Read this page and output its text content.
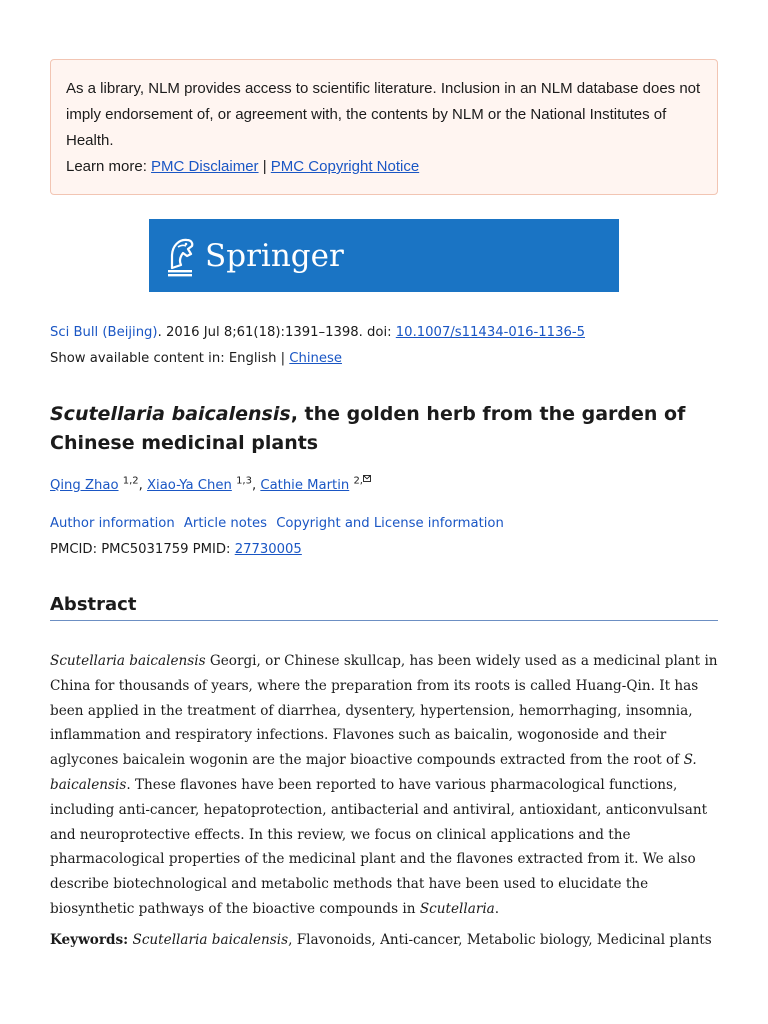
As a library, NLM provides access to scientific literature. Inclusion in an NLM database does not imply endorsement of, or agreement with, the contents by NLM or the National Institutes of Health.
Learn more: PMC Disclaimer | PMC Copyright Notice
Springer
Sci Bull (Beijing). 2016 Jul 8;61(18):1391–1398. doi: 10.1007/s11434-016-1136-5
Show available content in: English | Chinese
Scutellaria baicalensis, the golden herb from the garden of Chinese medicinal plants
Qing Zhao $^{1,2}$, Xiao-Ya Chen $^{1,3}$, Cathie Martin $^{2,}$
Author information Article notes Copyright and License information
PMCID: PMC5031759 PMID: 27730005
Abstract

Scutellaria baicalensis Georgi, or Chinese skullcap, has been widely used as a medicinal plant in China for thousands of years, where the preparation from its roots is called Huang-Qin. It has been applied in the treatment of diarrhea, dysentery, hypertension, hemorrhaging, insomnia, inflammation and respiratory infections. Flavones such as baicalin, wogonoside and their aglycones baicalein wogonin are the major bioactive compounds extracted from the root of S. baicalensis. These flavones have been reported to have various pharmacological functions, including anti-cancer, hepatoprotection, antibacterial and antiviral, antioxidant, anticonvulsant and neuroprotective effects. In this review, we focus on clinical applications and the pharmacological properties of the medicinal plant and the flavones extracted from it. We also describe biotechnological and metabolic methods that have been used to elucidate the biosynthetic pathways of the bioactive compounds in Scutellaria.

Keywords: Scutellaria baicalensis, Flavonoids, Anti-cancer, Metabolic biology, Medicinal plants
